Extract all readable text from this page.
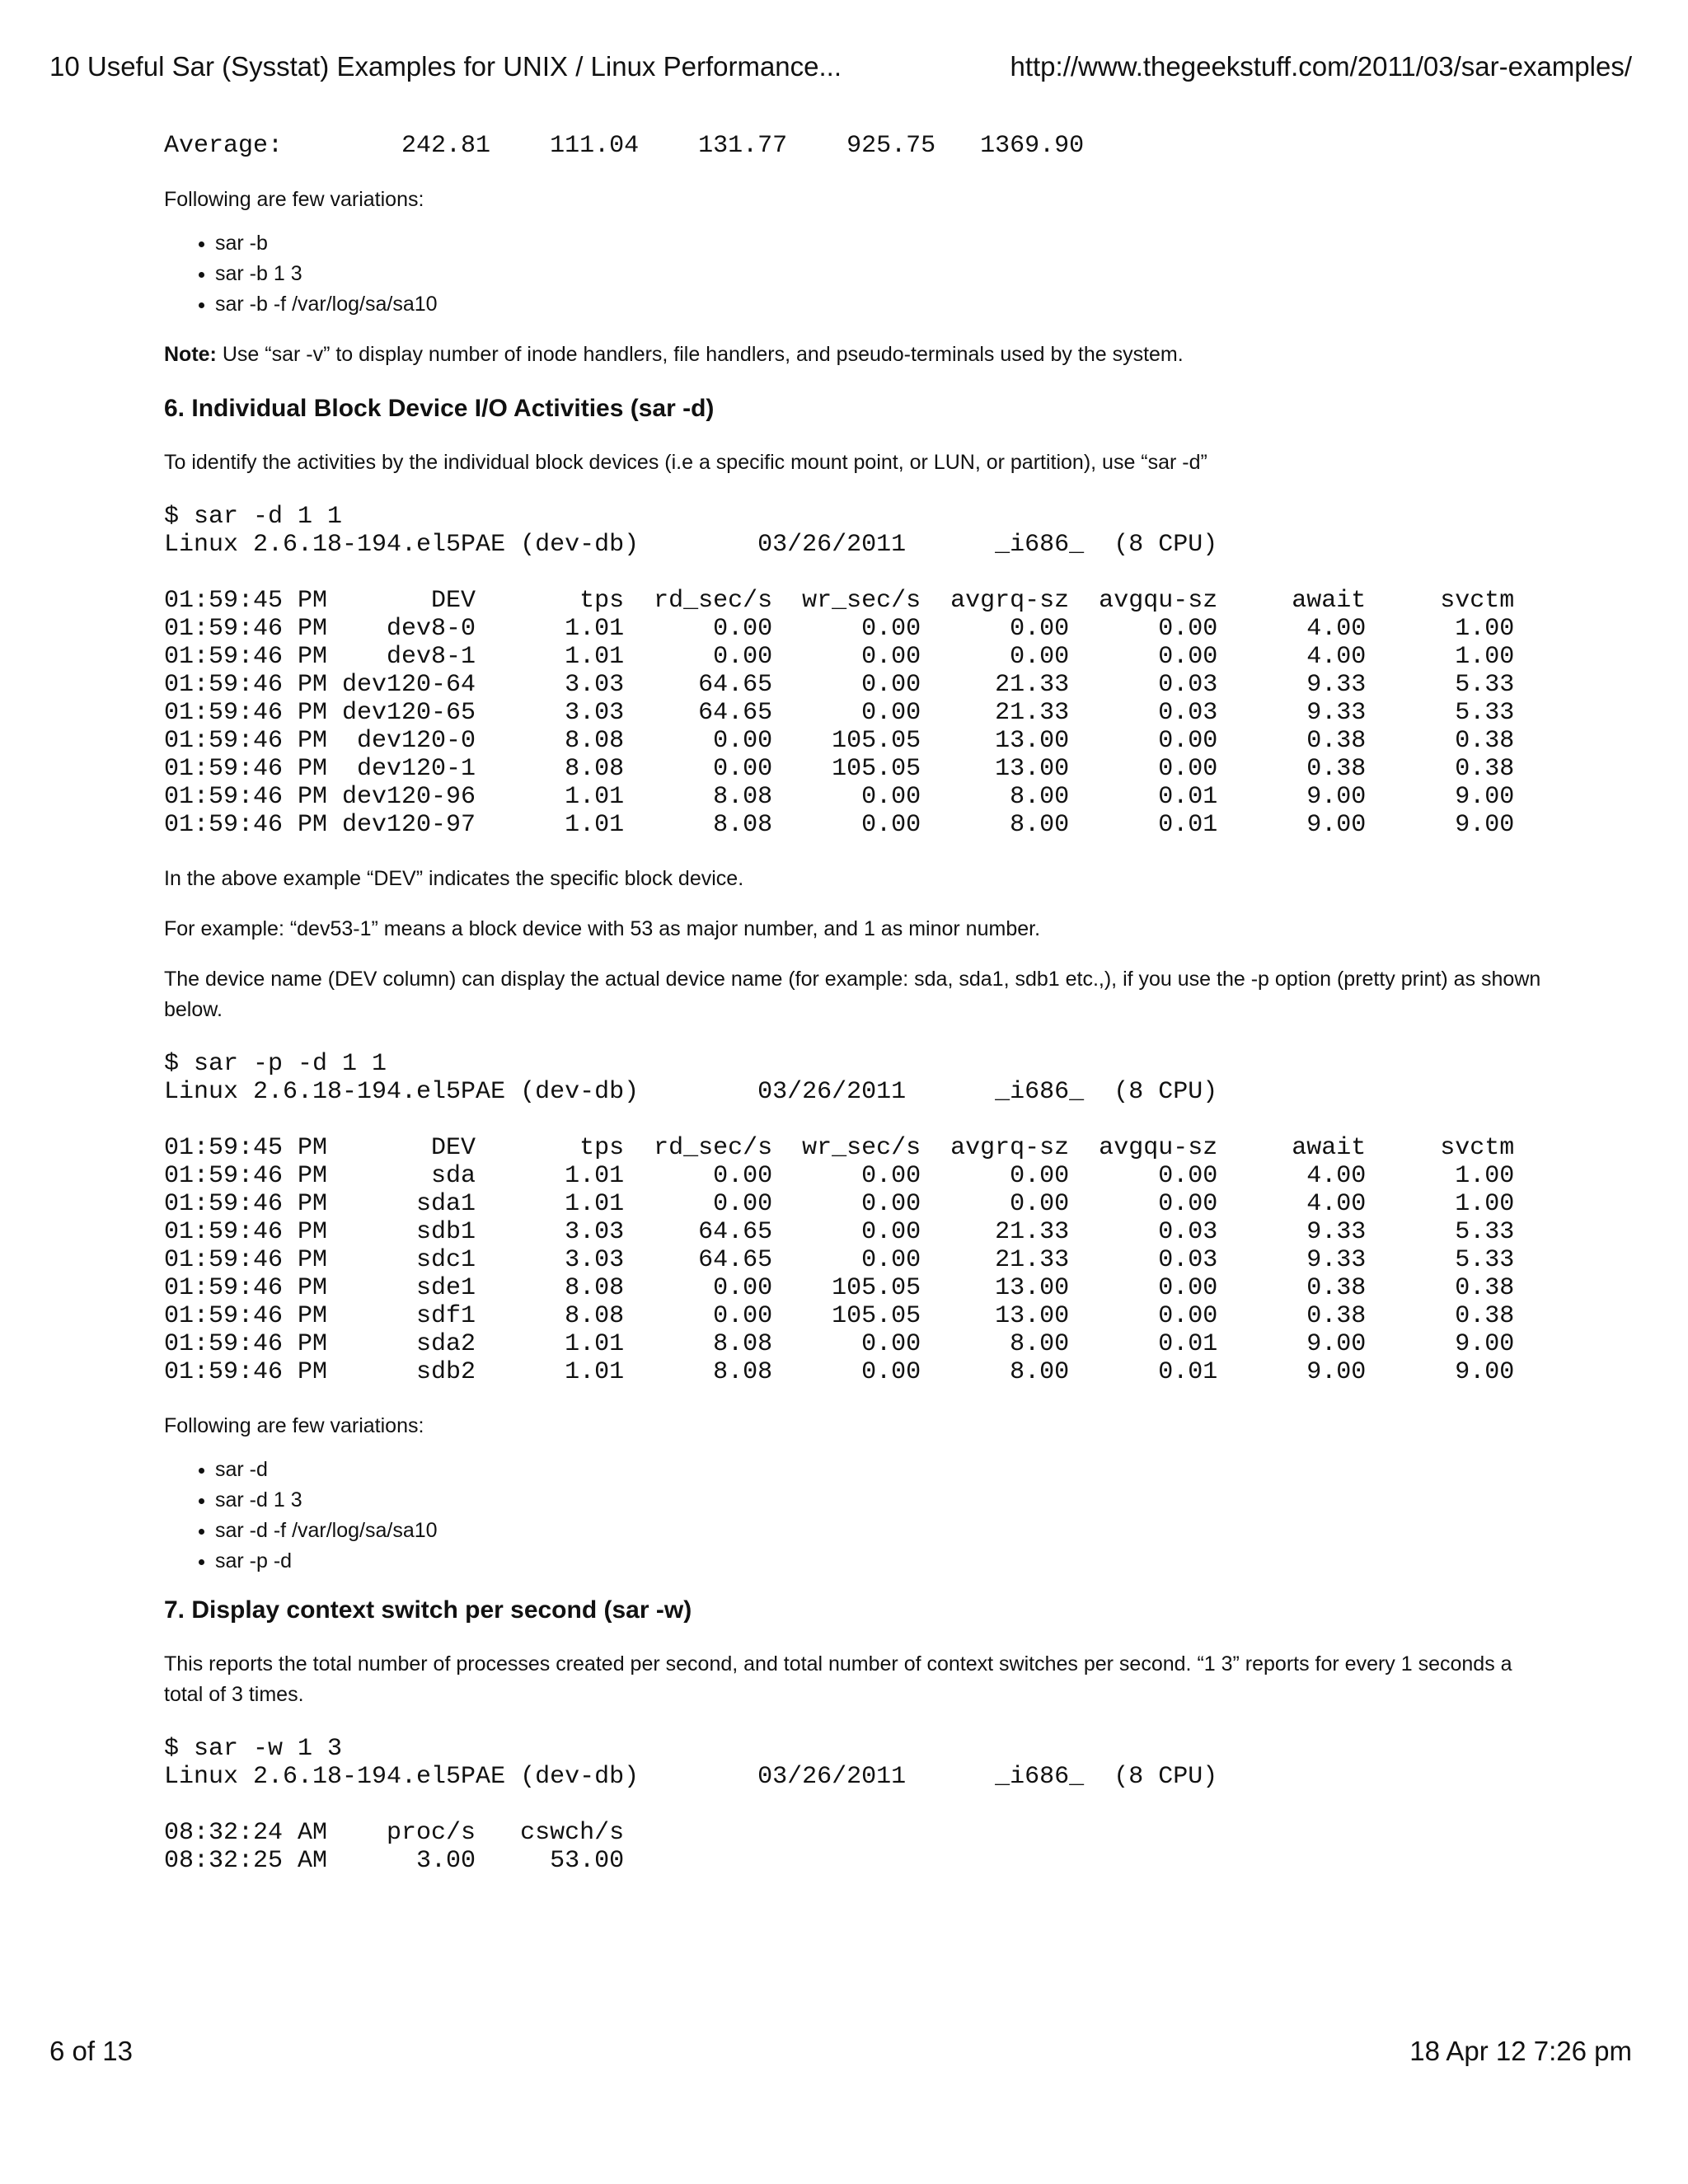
10 Useful Sar (Sysstat) Examples for UNIX / Linux Performance...	http://www.thegeekstuff.com/2011/03/sar-examples/
Average:        242.81    111.04    131.77    925.75   1369.90

Following are few variations:

• sar -b
• sar -b 1 3
• sar -b -f /var/log/sa/sa10

Note: Use “sar -v” to display number of inode handlers, file handlers, and pseudo-terminals used by the system.

6. Individual Block Device I/O Activities (sar -d)

To identify the activities by the individual block devices (i.e a specific mount point, or LUN, or partition), use “sar -d”

$ sar -d 1 1
Linux 2.6.18-194.el5PAE (dev-db)        03/26/2011      _i686_  (8 CPU)
01:59:45 PM       DEV       tps  rd_sec/s  wr_sec/s  avgrq-sz  avgqu-sz     await     svctm
01:59:46 PM    dev8-0      1.01      0.00      0.00      0.00      0.00      4.00      1.00
01:59:46 PM    dev8-1      1.01      0.00      0.00      0.00      0.00      4.00      1.00
01:59:46 PM dev120-64      3.03     64.65      0.00     21.33      0.03      9.33      5.33
01:59:46 PM dev120-65      3.03     64.65      0.00     21.33      0.03      9.33      5.33
01:59:46 PM  dev120-0      8.08      0.00    105.05     13.00      0.00      0.38      0.38
01:59:46 PM  dev120-1      8.08      0.00    105.05     13.00      0.00      0.38      0.38
01:59:46 PM dev120-96      1.01      8.08      0.00      8.00      0.01      9.00      9.00
01:59:46 PM dev120-97      1.01      8.08      0.00      8.00      0.01      9.00      9.00

In the above example “DEV” indicates the specific block device.

For example: “dev53-1” means a block device with 53 as major number, and 1 as minor number.

The device name (DEV column) can display the actual device name (for example: sda, sda1, sdb1 etc.,), if you use the -p option (pretty print) as shown below.

$ sar -p -d 1 1
Linux 2.6.18-194.el5PAE (dev-db)        03/26/2011      _i686_  (8 CPU)
01:59:45 PM       DEV       tps  rd_sec/s  wr_sec/s  avgrq-sz  avgqu-sz     await     svctm
01:59:46 PM       sda      1.01      0.00      0.00      0.00      0.00      4.00      1.00
01:59:46 PM      sda1      1.01      0.00      0.00      0.00      0.00      4.00      1.00
01:59:46 PM      sdb1      3.03     64.65      0.00     21.33      0.03      9.33      5.33
01:59:46 PM      sdc1      3.03     64.65      0.00     21.33      0.03      9.33      5.33
01:59:46 PM      sde1      8.08      0.00    105.05     13.00      0.00      0.38      0.38
01:59:46 PM      sdf1      8.08      0.00    105.05     13.00      0.00      0.38      0.38
01:59:46 PM      sda2      1.01      8.08      0.00      8.00      0.01      9.00      9.00
01:59:46 PM      sdb2      1.01      8.08      0.00      8.00      0.01      9.00      9.00

Following are few variations:

• sar -d
• sar -d 1 3
• sar -d -f /var/log/sa/sa10
• sar -p -d
7. Display context switch per second (sar -w)

This reports the total number of processes created per second, and total number of context switches per second. “1 3” reports for every 1 seconds a total of 3 times.

$ sar -w 1 3
Linux 2.6.18-194.el5PAE (dev-db)        03/26/2011      _i686_  (8 CPU)
08:32:24 AM    proc/s   cswch/s
08:32:25 AM      3.00     53.00
6 of 13	18 Apr 12 7:26 pm
